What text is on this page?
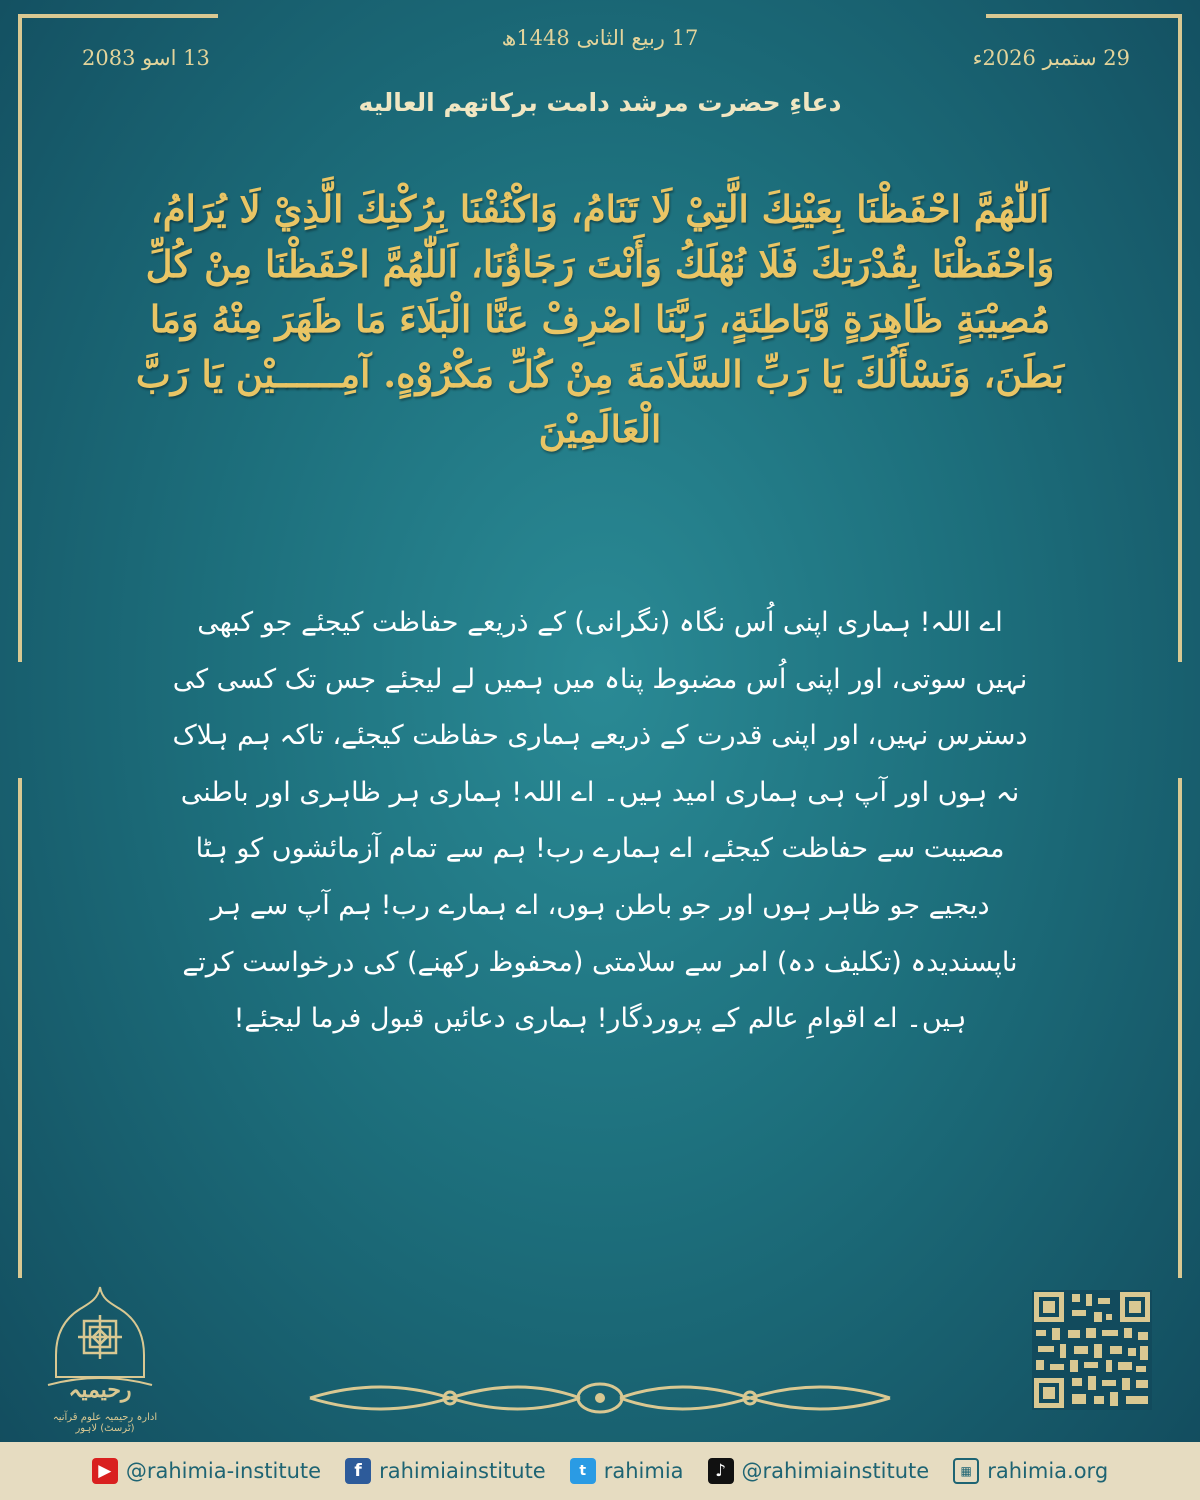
17 ربیع الثانی 1448ھ
29 ستمبر 2026ء
13 اسو 2083
دعاءِ حضرت مرشد دامت برکاتهم العالیه
اَللّٰهُمَّ احْفَظْنَا بِعَيْنِكَ الَّتِيْ لَا تَنَامُ، وَاكْنُفْنَا بِرُكْنِكَ الَّذِيْ لَا يُرَامُ، وَاحْفَظْنَا بِقُدْرَتِكَ فَلَا نُهْلَكُ وَأَنْتَ رَجَاؤُنَا، اَللّٰهُمَّ احْفَظْنَا مِنْ كُلِّ مُصِيْبَةٍ ظَاهِرَةٍ وَّبَاطِنَةٍ، رَبَّنَا اصْرِفْ عَنَّا الْبَلَاءَ مَا ظَهَرَ مِنْهُ وَمَا بَطَنَ، وَنَسْأَلُكَ يَا رَبِّ السَّلَامَةَ مِنْ كُلِّ مَكْرُوْهٍ. آمِــــــيْن يَا رَبَّ الْعَالَمِيْنَ
اے اللہ! ہماری اپنی اُس نگاہ (نگرانی) کے ذریعے حفاظت کیجئے جو کبھی نہیں سوتی، اور اپنی اُس مضبوط پناہ میں ہمیں لے لیجئے جس تک کسی کی دسترس نہیں، اور اپنی قدرت کے ذریعے ہماری حفاظت کیجئے، تاکہ ہم ہلاک نہ ہوں اور آپ ہی ہماری امید ہیں۔ اے اللہ! ہماری ہر ظاہری اور باطنی مصیبت سے حفاظت کیجئے، اے ہمارے رب! ہم سے تمام آزمائشوں کو ہٹا دیجیے جو ظاہر ہوں اور جو باطن ہوں، اے ہمارے رب! ہم آپ سے ہر ناپسندیدہ (تکلیف دہ) امر سے سلامتی (محفوظ رکھنے) کی درخواست کرتے ہیں۔ اے اقوامِ عالم کے پروردگار! ہماری دعائیں قبول فرما لیجئے!
رحیمیہ
ادارہ رحیمیہ علوم قرآنیہ (ٹرسٹ) لاہور
▶ @rahimia-institute	f rahimiainstitute	t rahimia	♪ @rahimiainstitute	▦ rahimia.org
